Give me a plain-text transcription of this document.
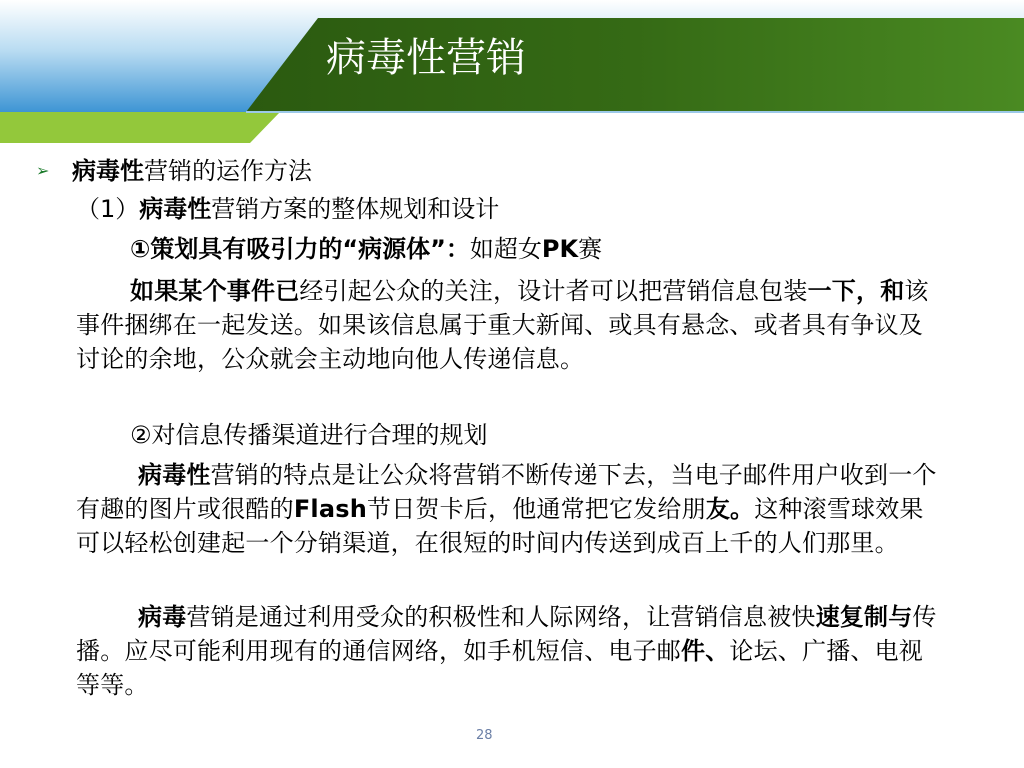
病毒性营销
➢ 病毒性营销的运作方法
（1）病毒性营销方案的整体规划和设计
①策划具有吸引力的“病源体”：如超女PK赛
如果某个事件已经引起公众的关注，设计者可以把营销信息包装一下，和该事件捆绑在一起发送。如果该信息属于重大新闻、或具有悬念、或者具有争议及讨论的余地，公众就会主动地向他人传递信息。
②对信息传播渠道进行合理的规划
病毒性营销的特点是让公众将营销不断传递下去，当电子邮件用户收到一个有趣的图片或很酷的Flash节日贺卡后，他通常把它发给朋友。这种滚雪球效果可以轻松创建起一个分销渠道，在很短的时间内传送到成百上千的人们那里。
病毒营销是通过利用受众的积极性和人际网络，让营销信息被快速复制与传播。应尽可能利用现有的通信网络，如手机短信、电子邮件、论坛、广播、电视等等。
28
